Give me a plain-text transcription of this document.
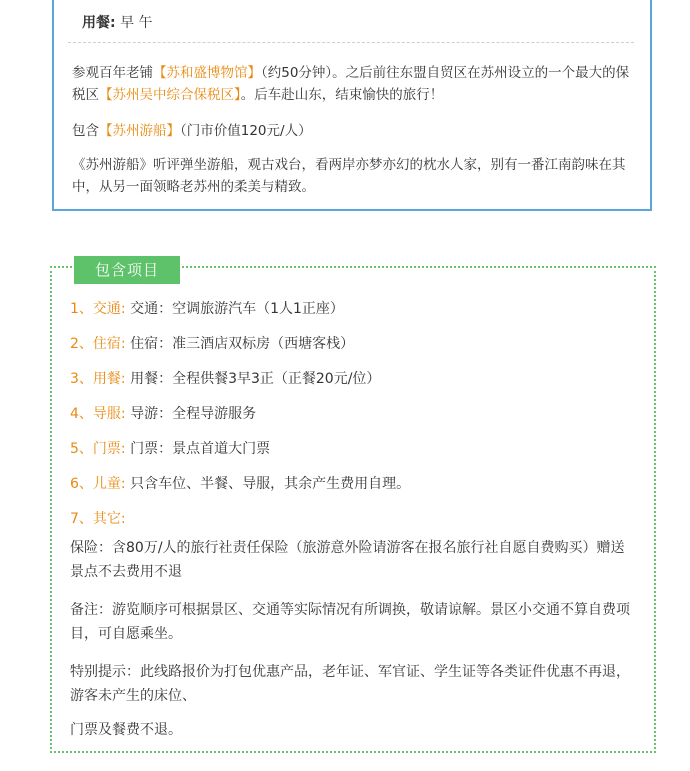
用餐: 早 午
参观百年老铺【苏和盛博物馆】（约50分钟）。之后前往东盟自贸区在苏州设立的一个最大的保税区【苏州吴中综合保税区】。后车赴山东，结束愉快的旅行！
包含【苏州游船】（门市价值120元/人）
《苏州游船》听评弹坐游船，观古戏台，看两岸亦梦亦幻的枕水人家，别有一番江南韵味在其中，从另一面领略老苏州的柔美与精致。
包含项目
1、交通: 交通：空调旅游汽车（1人1正座）
2、住宿: 住宿：准三酒店双标房（西塘客栈）
3、用餐: 用餐：全程供餐3早3正（正餐20元/位）
4、导服: 导游：全程导游服务
5、门票: 门票：景点首道大门票
6、儿童: 只含车位、半餐、导服，其余产生费用自理。
7、其它:
保险：含80万/人的旅行社责任保险（旅游意外险请游客在报名旅行社自愿自费购买）赠送景点不去费用不退
备注：游览顺序可根据景区、交通等实际情况有所调换，敬请谅解。景区小交通不算自费项目，可自愿乘坐。
特别提示：此线路报价为打包优惠产品，老年证、军官证、学生证等各类证件优惠不再退，游客未产生的床位、
门票及餐费不退。
